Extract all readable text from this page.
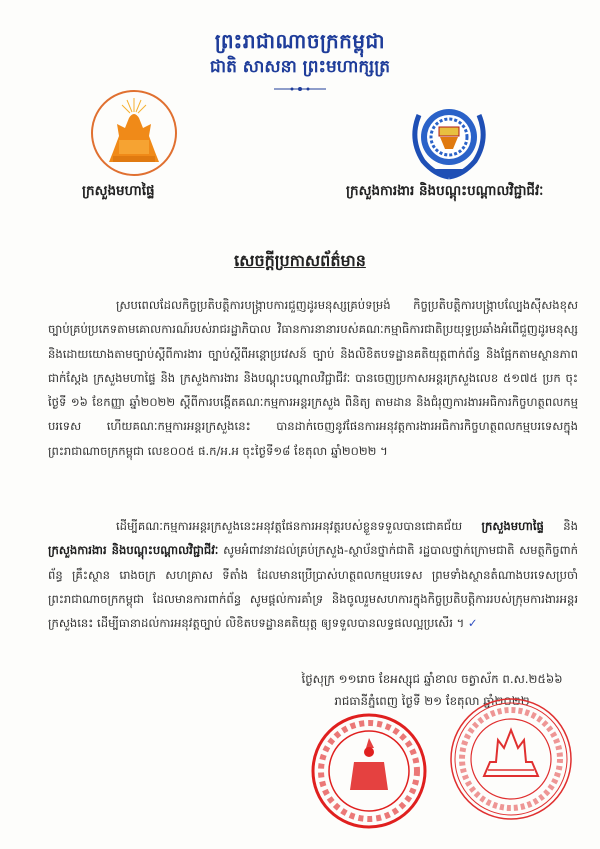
ព្រះរាជាណាចក្រកម្ពុជា
ជាតិ សាសនា ព្រះមហាក្សត្រ
ក្រសួងមហាផ្ទៃ	ក្រសួងការងារ និងបណ្តុះបណ្តាលវិជ្ជាជីវៈ
សេចក្តីប្រកាសព័ត៌មាន
ស្របពេលដែលកិច្ចប្រតិបត្តិការបង្ក្រាបការជួញដូរមនុស្សគ្រប់ទម្រង់ កិច្ចប្រតិបត្តិការបង្ក្រាបល្បែងស៊ីសងខុសច្បាប់គ្រប់ប្រភេទតាមគោលការណ៍របស់រាជរដ្ឋាភិបាល វិធានការនានារបស់គណៈកម្មាធិការជាតិប្រយុទ្ធប្រឆាំងអំពើជួញដូរមនុស្ស និងដោយយោងតាមច្បាប់ស្តីពីការងារ ច្បាប់ស្តីពីអន្តោប្រវេសន៍ ច្បាប់ និងលិខិតបទដ្ឋានគតិយុត្តពាក់ព័ន្ធ និងផ្អែកតាមស្ថានភាពជាក់ស្តែង ក្រសួងមហាផ្ទៃ និង ក្រសួងការងារ និងបណ្តុះបណ្តាលវិជ្ជាជីវៈ បានចេញប្រកាសអន្តរក្រសួងលេខ ៥១៧៥ ប្រក ចុះថ្ងៃទី ១៦ ខែកញ្ញា ឆ្នាំ២០២២ ស្តីពីការបង្កើតគណៈកម្មការអន្តរក្រសួង ពិនិត្យ តាមដាន និងជំរុញការងារអធិការកិច្ចហត្ថពលកម្មបរទេស ហើយគណៈកម្មការអន្តរក្រសួងនេះ បានដាក់ចេញនូវផែនការអនុវត្តការងារអធិការកិច្ចហត្ថពលកម្មបរទេសក្នុងព្រះរាជាណាចក្រកម្ពុជា លេខ០០៥ ផ.ក/អ.អ ចុះថ្ងៃទី១៨ ខែតុលា ឆ្នាំ២០២២ ។
ដើម្បីគណៈកម្មការអន្តរក្រសួងនេះអនុវត្តផែនការអនុវត្តរបស់ខ្លួនទទួលបានជោគជ័យ ក្រសួងមហាផ្ទៃ និង ក្រសួងការងារ និងបណ្តុះបណ្តាលវិជ្ជាជីវៈ សូមអំពាវនាវដល់គ្រប់ក្រសួង-ស្ថាប័នថ្នាក់ជាតិ រដ្ឋបាលថ្នាក់ក្រោមជាតិ សមត្ថកិច្ចពាក់ព័ន្ធ គ្រឹះស្ថាន រោងចក្រ សហគ្រាស ទីតាំង ដែលមានប្រើប្រាស់ហត្ថពលកម្មបរទេស ព្រមទាំងស្ថានតំណាងបរទេសប្រចាំព្រះរាជាណាចក្រកម្ពុជា ដែលមានការពាក់ព័ន្ធ សូមផ្តល់ការគាំទ្រ និងចូលរួមសហការក្នុងកិច្ចប្រតិបត្តិការរបស់ក្រុមការងារអន្តរក្រសួងនេះ ដើម្បីធានាដល់ការអនុវត្តច្បាប់ លិខិតបទដ្ឋានគតិយុត្ត ឲ្យទទួលបានលទ្ធផលល្អប្រសើរ ។ ✓
ថ្ងៃសុក្រ ១១រោច ខែអស្សុជ ឆ្នាំខាល ចត្វាស័ក ព.ស.២៥៦៦
រាជធានីភ្នំពេញ ថ្ងៃទី ២១ ខែតុលា ឆ្នាំ២០២២
